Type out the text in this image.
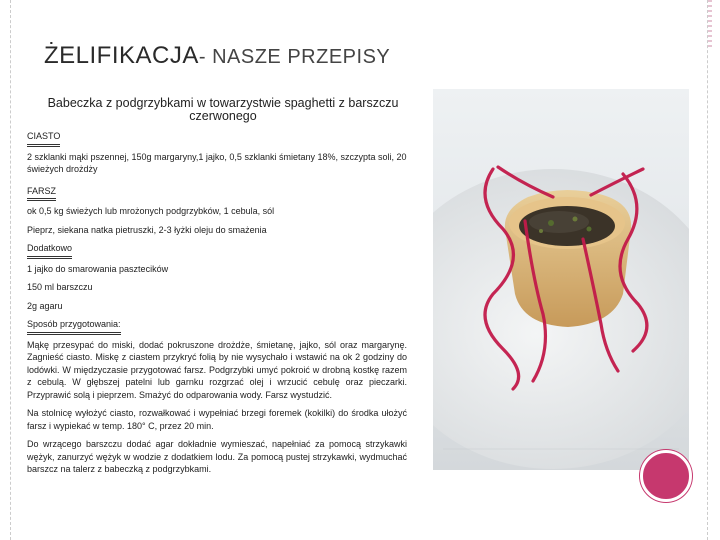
ŻELIFIKACJA- NASZE PRZEPISY
Babeczka z podgrzybkami w towarzystwie spaghetti z barszczu czerwonego
CIASTO

2 szklanki mąki pszennej, 150g margaryny,1 jajko, 0,5 szklanki śmietany 18%, szczypta soli, 20 świeżych drożdży

FARSZ

ok 0,5 kg świeżych lub mrożonych podgrzybków, 1 cebula, sól

Pieprz, siekana natka pietruszki, 2-3 łyżki oleju do smażenia

Dodatkowo

1 jajko do smarowania pasztecików

150 ml barszczu

2g agaru

Sposób przygotowania:

Mąkę przesypać do miski, dodać pokruszone drożdże, śmietanę, jajko, sól oraz margarynę. Zagnieść ciasto. Miskę z ciastem przykryć folią by nie wysychało i wstawić na ok 2 godziny do lodówki. W międzyczasie przygotować farsz. Podgrzybki umyć pokroić w drobną kostkę razem z cebulą. W głębszej patelni lub garnku rozgrzać olej i wrzucić cebulę oraz pieczarki. Przyprawić solą i pieprzem. Smażyć do odparowania wody. Farsz wystudzić.

Na stolnicę wyłożyć ciasto, rozwałkować i wypełniać brzegi foremek (kokilki) do środka ułożyć farsz i wypiekać w temp. 180° C, przez 20 min.

Do wrzącego barszczu dodać agar dokładnie wymieszać, napełniać za pomocą strzykawki wężyk, zanurzyć wężyk w wodzie z dodatkiem lodu. Za pomocą pustej strzykawki, wydmuchać barszcz na talerz z babeczką z podgrzybkami.
